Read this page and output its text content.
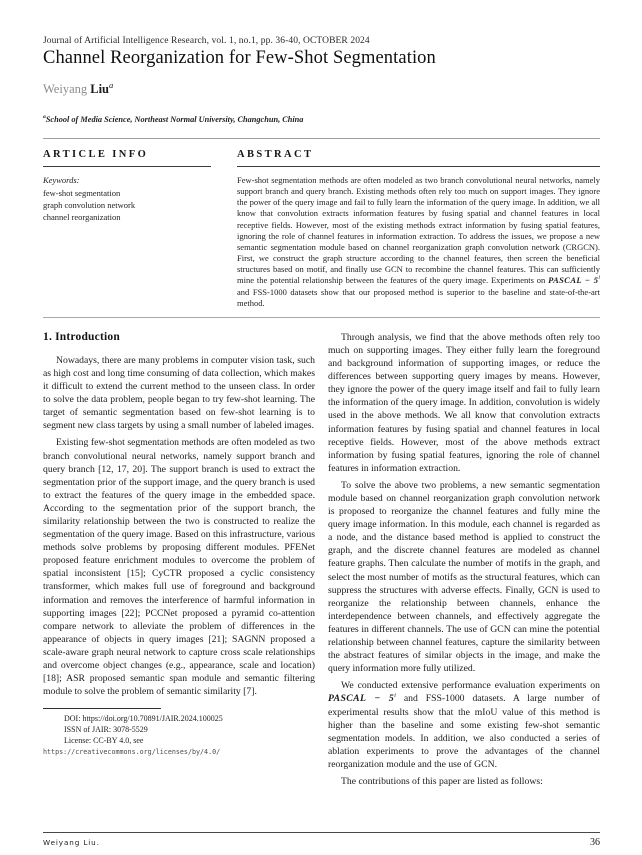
Journal of Artificial Intelligence Research, vol. 1, no.1, pp. 36-40, OCTOBER 2024
Channel Reorganization for Few-Shot Segmentation
Weiyang Liu$^a$
$^a$School of Media Science, Northeast Normal University, Changchun, China
ARTICLE INFO
Keywords:
few-shot segmentation
graph convolution network
channel reorganization
ABSTRACT

Few-shot segmentation methods are often modeled as two branch convolutional neural networks, namely support branch and query branch. Existing methods often rely too much on support images. They ignore the power of the query image and fail to fully learn the information of the query image. In addition, we all know that convolution extracts information features by fusing spatial and channel features in local receptive fields. However, most of the existing methods extract information by fusing spatial features, ignoring the role of channel features in information extraction. To address the issues, we propose a new semantic segmentation module based on channel reorganization graph convolution network (CRGCN). First, we construct the graph structure according to the channel features, then screen the beneficial structures based on motif, and finally use GCN to recombine the channel features. This can sufficiently mine the potential relationship between the features of the query image. Experiments on PASCAL − $5^i$ and FSS-1000 datasets show that our proposed method is superior to the baseline and state-of-the-art method.

1. Introduction

Nowadays, there are many problems in computer vision task, such as high cost and long time consuming of data collection, which makes it difficult to extend the current method to the unseen class. In order to solve the data problem, people began to try few-shot learning. The target of semantic segmentation based on few-shot learning is to segment new class targets by using a small number of labeled images.

Existing few-shot segmentation methods are often modeled as two branch convolutional neural networks, namely support branch and query branch [12, 17, 20]. The support branch is used to extract the segmentation prior of the support image, and the query branch is used to extract the features of the query image in the embedded space. According to the segmentation prior of the support branch, the similarity relationship between the two is constructed to realize the segmentation of the query image. Based on this infrastructure, various methods solve problems by proposing different modules. PFENet proposed feature enrichment modules to overcome the problem of spatial inconsistent [15]; CyCTR proposed a cyclic consistency transformer, which makes full use of foreground and background information and removes the interference of harmful information in supporting images [22]; PCCNet proposed a pyramid co-attention compare network to alleviate the problem of differences in the appearance of objects in query images [21]; SAGNN proposed a scale-aware graph neural network to capture cross scale relationships and overcome object changes (e.g., appearance, scale and location) [18]; ASR proposed semantic span module and semantic filtering module to solve the problem of semantic similarity [7].

DOI: https://doi.org/10.70891/JAIR.2024.100025
ISSN of JAIR: 3078-5529
License: CC-BY 4.0, see https://creativecommons.org/licenses/by/4.0/

Through analysis, we find that the above methods often rely too much on supporting images. They either fully learn the foreground and background information of supporting images, or reduce the differences between supporting query images by means. However, they ignore the power of the query image itself and fail to fully learn the information of the query image. In addition, convolution is widely used in the above methods. We all know that convolution extracts information features by fusing spatial and channel features in local receptive fields. However, most of the above methods extract information by fusing spatial features, ignoring the role of channel features in information extraction.

To solve the above two problems, a new semantic segmentation module based on channel reorganization graph convolution network is proposed to reorganize the channel features and fully mine the query image information. In this module, each channel is regarded as a node, and the distance based method is applied to construct the graph, and the discrete channel features are modeled as channel feature graphs. Then calculate the number of motifs in the graph, and select the most number of motifs as the structural features, which can suppress the structures with adverse effects. Finally, GCN is used to reorganize the relationship between channels, enhance the interdependence between channels, and effectively aggregate the features in different channels. The use of GCN can mine the potential relationship between channel features, capture the similarity between the abstract features of similar objects in the image, and make the query information more fully utilized.

We conducted extensive performance evaluation experiments on PASCAL − $5^i$ and FSS-1000 datasets. A large number of experimental results show that the mIoU value of this method is higher than the baseline and some existing few-shot semantic segmentation models. In addition, we also conducted a series of ablation experiments to prove the advantages of the channel reorganization module and the use of GCN.

The contributions of this paper are listed as follows:

Weiyang Liu.	36
